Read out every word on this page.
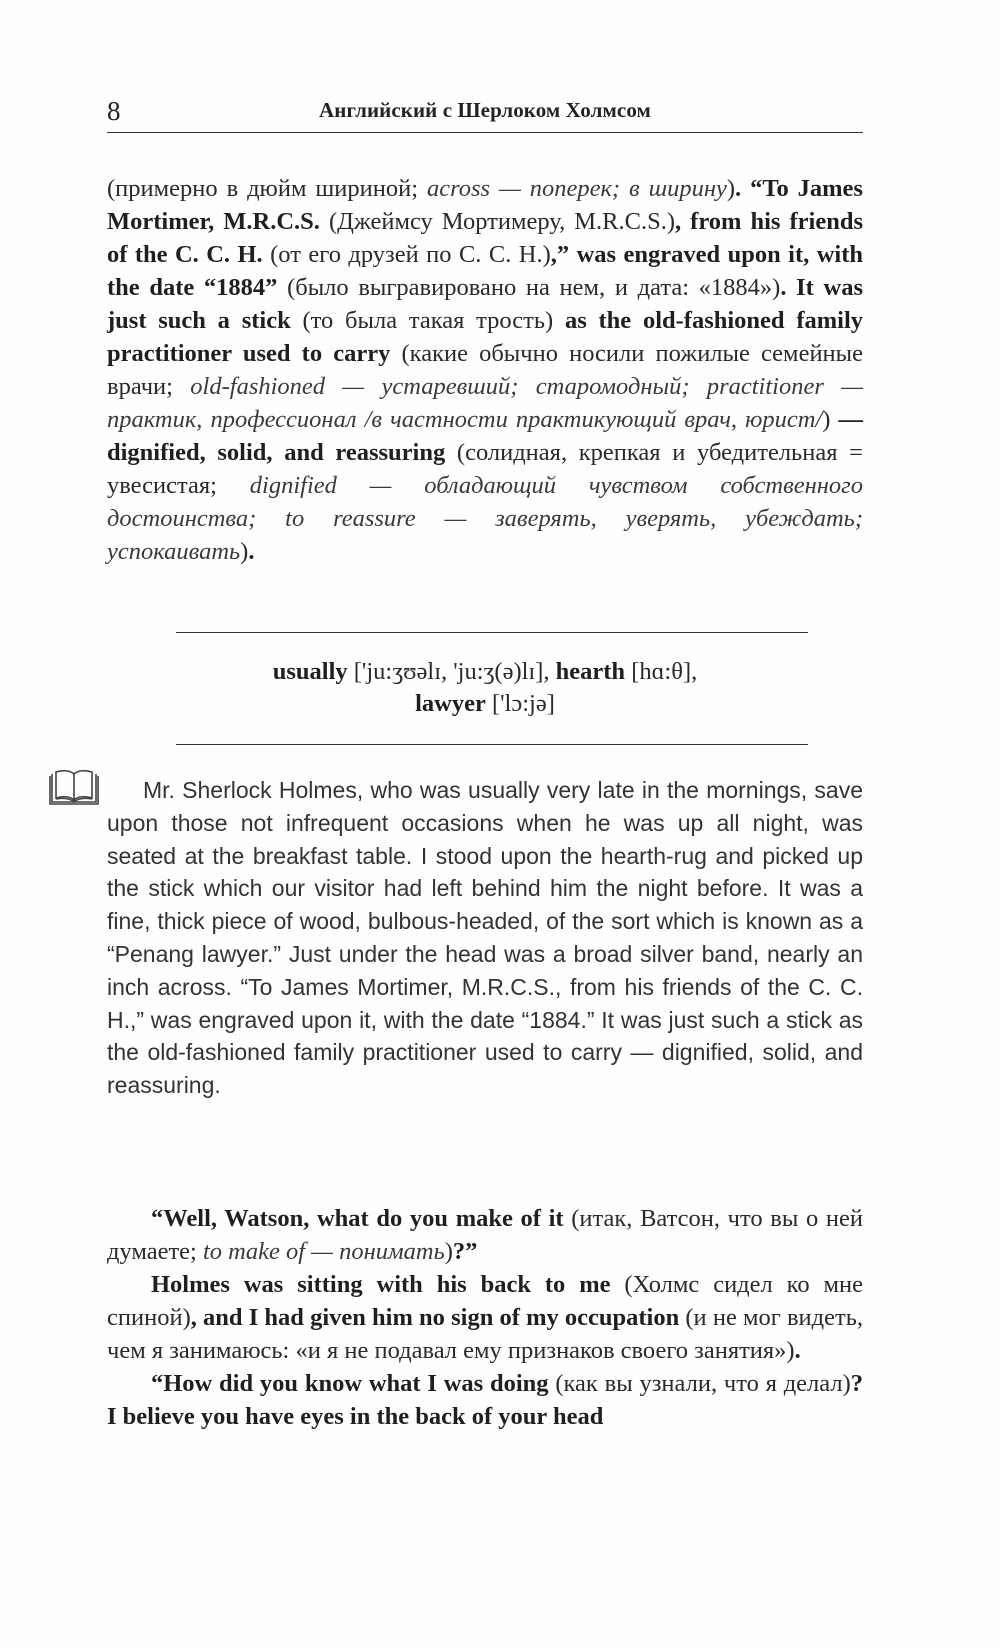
8	Английский с Шерлоком Холмсом

(примерно в дюйм шириной; across — поперек; в ширину). “To James Mortimer, M.R.C.S. (Джеймсу Мортимеру, M.R.C.S.), from his friends of the C. C. H. (от его друзей по С. С. Н.),” was engraved upon it, with the date “1884” (было выгравировано на нем, и дата: «1884»). It was just such a stick (то была такая трость) as the old-fashioned family practitioner used to carry (какие обычно носили пожилые семейные врачи; old-fashioned — устаревший; старомодный; practitioner — практик, профессионал /в частности практикующий врач, юрист/) — dignified, solid, and reassuring (солидная, крепкая и убедительная = увесистая; dignified — обладающий чувством собственного достоинства; to reassure — заверять, уверять, убеждать; успокаивать).

usually ['ju:ʒʊəlɪ, 'ju:ʒ(ə)lɪ], hearth [hɑ:θ],
lawyer ['lɔ:jə]

Mr. Sherlock Holmes, who was usually very late in the mornings, save upon those not infrequent occasions when he was up all night, was seated at the breakfast table. I stood upon the hearth-rug and picked up the stick which our visitor had left behind him the night before. It was a fine, thick piece of wood, bulbous-headed, of the sort which is known as a “Penang lawyer.” Just under the head was a broad silver band, nearly an inch across. “To James Mortimer, M.R.C.S., from his friends of the C. C. H.,” was engraved upon it, with the date “1884.” It was just such a stick as the old-fashioned family practitioner used to carry — dignified, solid, and reassuring.

“Well, Watson, what do you make of it (итак, Ватсон, что вы о ней думаете; to make of — понимать)?”

Holmes was sitting with his back to me (Холмс сидел ко мне спиной), and I had given him no sign of my occupation (и не мог видеть, чем я занимаюсь: «и я не подавал ему признаков своего занятия»).

“How did you know what I was doing (как вы узнали, что я делал)? I believe you have eyes in the back of your head
